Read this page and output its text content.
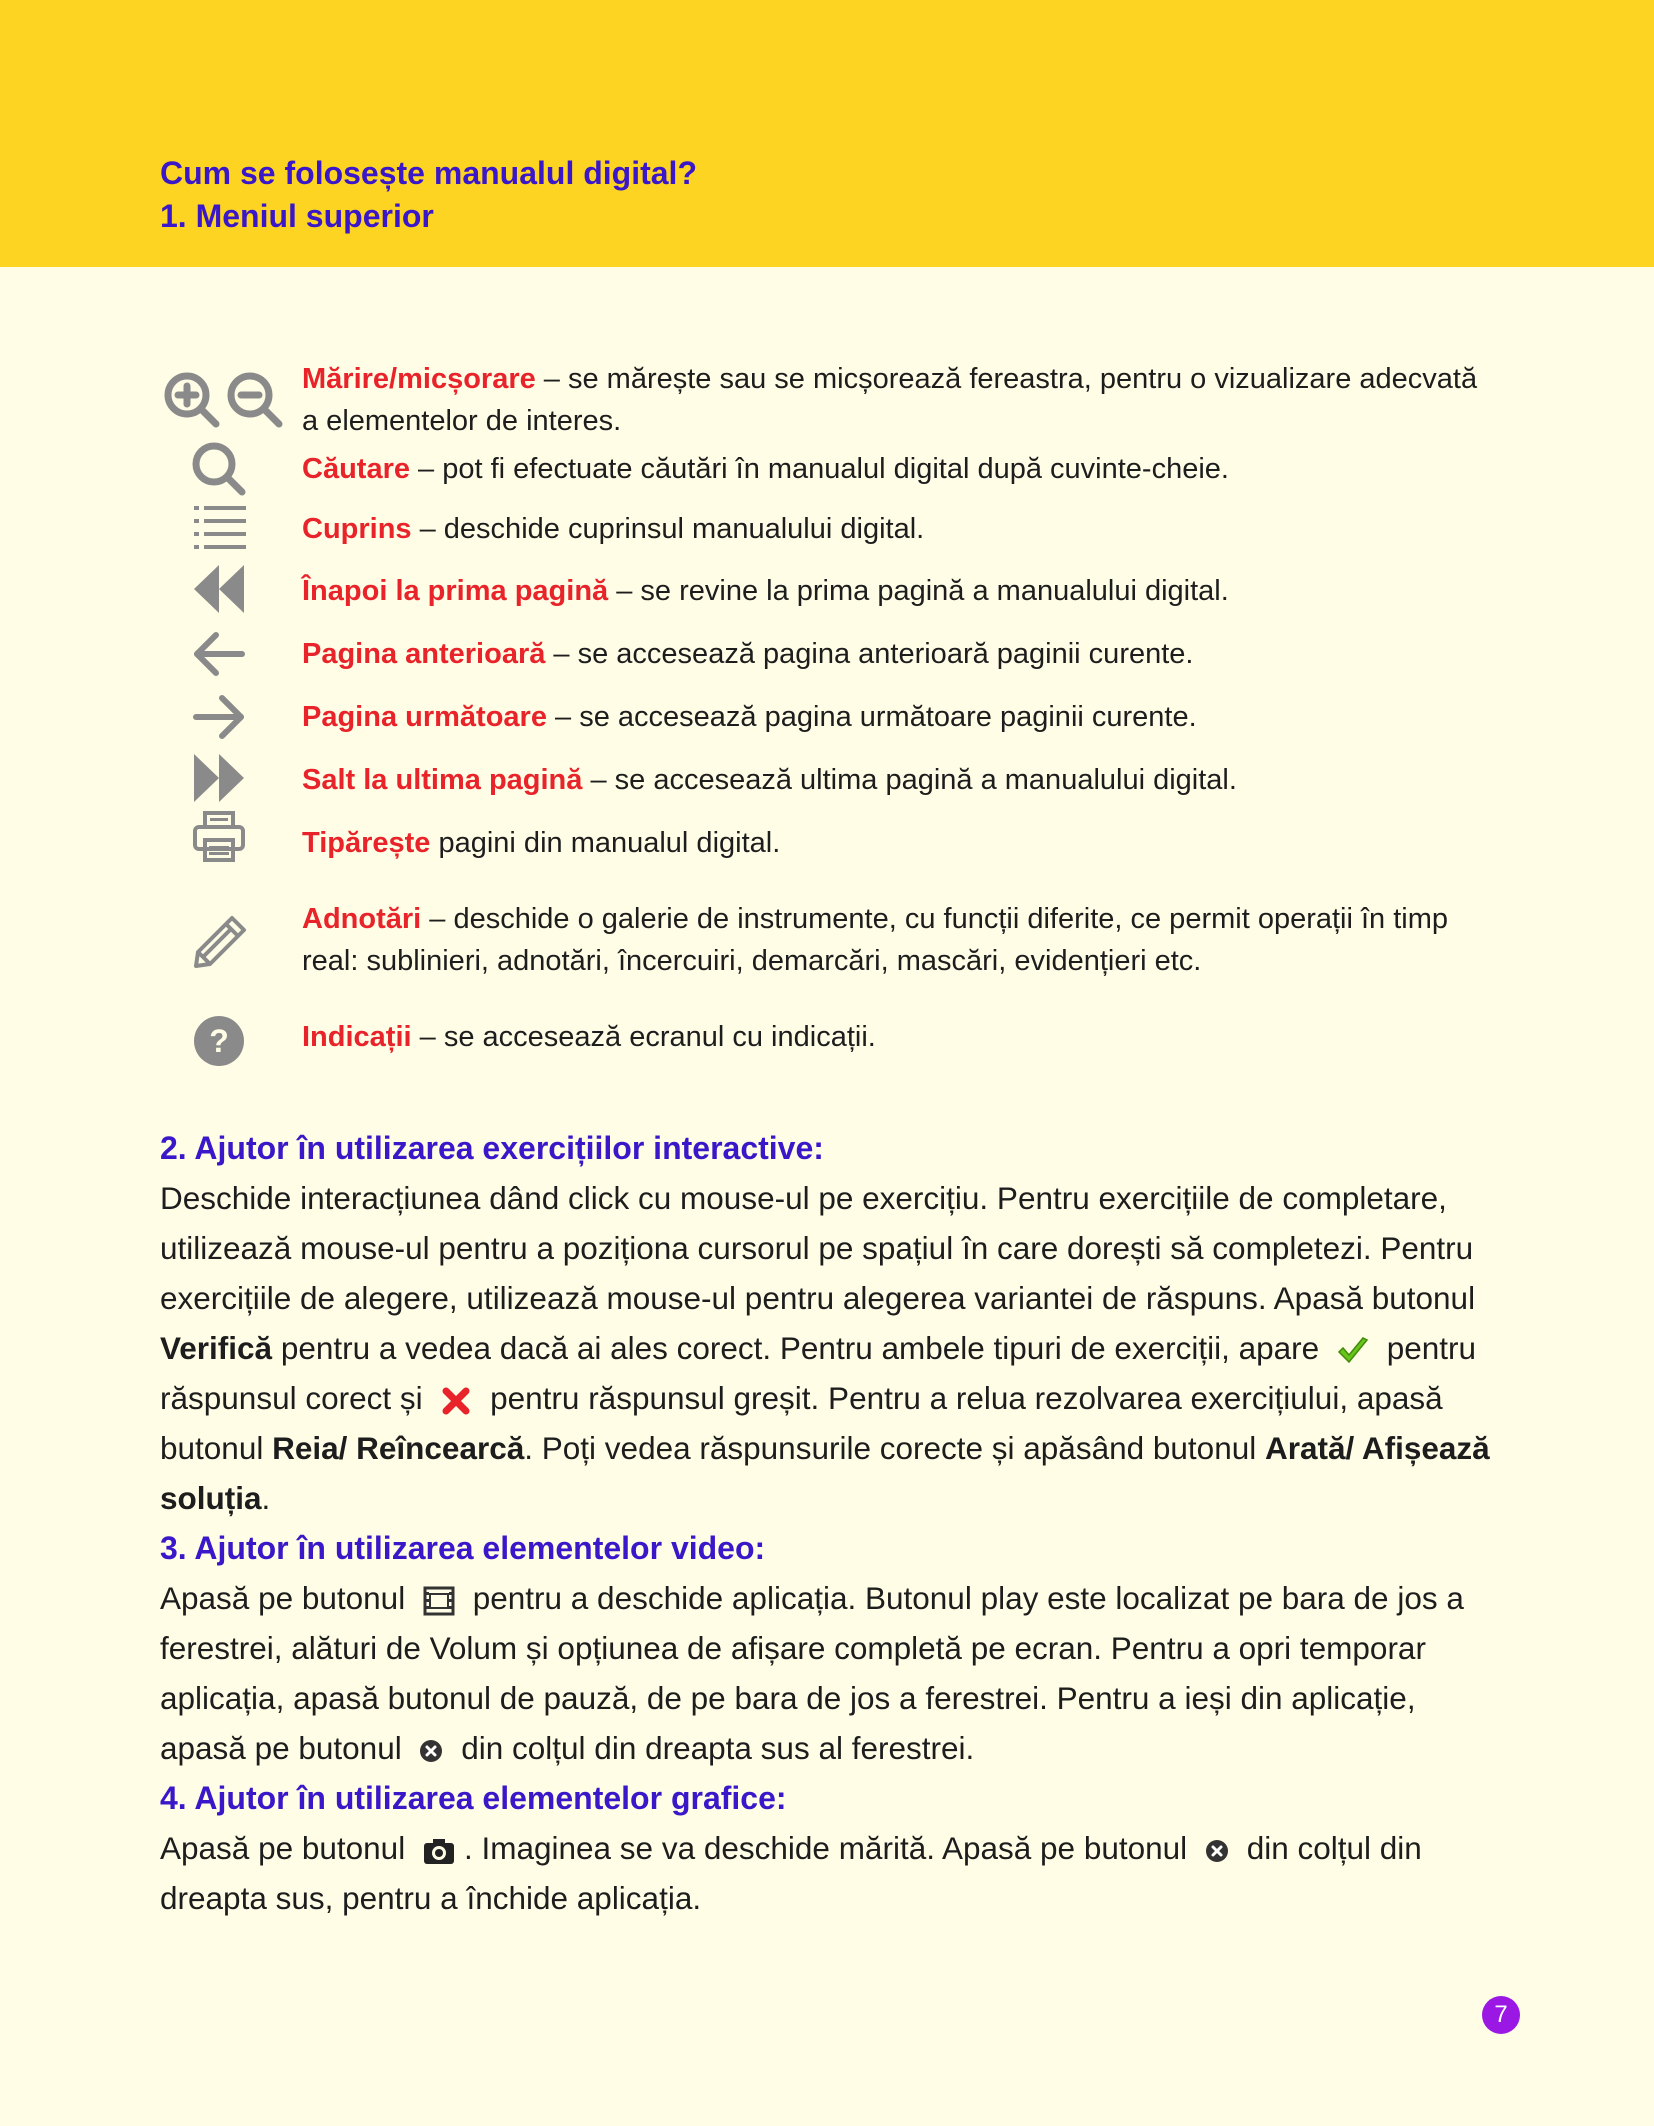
Cum se folosește manualul digital?
1. Meniul superior
Mărire/micșorare – se mărește sau se micșorează fereastra, pentru o vizualizare adecvată a elementelor de interes.
Căutare – pot fi efectuate căutări în manualul digital după cuvinte-cheie.
Cuprins – deschide cuprinsul manualului digital.
Înapoi la prima pagină – se revine la prima pagină a manualului digital.
Pagina anterioară – se accesează pagina anterioară paginii curente.
Pagina următoare – se accesează pagina următoare paginii curente.
Salt la ultima pagină – se accesează ultima pagină a manualului digital.
Tipărește pagini din manualul digital.
Adnotări – deschide o galerie de instrumente, cu funcții diferite, ce permit operații în timp real: sublinieri, adnotări, încercuiri, demarcări, mascări, evidențieri etc.
?	Indicații – se accesează ecranul cu indicații.
2. Ajutor în utilizarea exercițiilor interactive:

Deschide interacțiunea dând click cu mouse-ul pe exercițiu. Pentru exercițiile de completare, utilizează mouse-ul pentru a poziționa cursorul pe spațiul în care dorești să completezi. Pentru exercițiile de alegere, utilizează mouse-ul pentru alegerea variantei de răspuns. Apasă butonul Verifică pentru a vedea dacă ai ales corect. Pentru ambele tipuri de exerciții, apare
pentru răspunsul corect și
pentru răspunsul greșit. Pentru a relua rezolvarea exercițiului, apasă butonul Reia/ Reîncearcă. Poți vedea răspunsurile corecte și apăsând butonul Arată/ Afișează soluția.

3. Ajutor în utilizarea elementelor video:

Apasă pe butonul
pentru a deschide aplicația. Butonul play este localizat pe bara de jos a ferestrei, alături de Volum și opțiunea de afișare completă pe ecran. Pentru a opri temporar aplicația, apasă butonul de pauză, de pe bara de jos a ferestrei. Pentru a ieși din aplicație, apasă pe butonul
din colțul din dreapta sus al ferestrei.

4. Ajutor în utilizarea elementelor grafice:

Apasă pe butonul
. Imaginea se va deschide mărită. Apasă pe butonul
din colțul din dreapta sus, pentru a închide aplicația.

7
